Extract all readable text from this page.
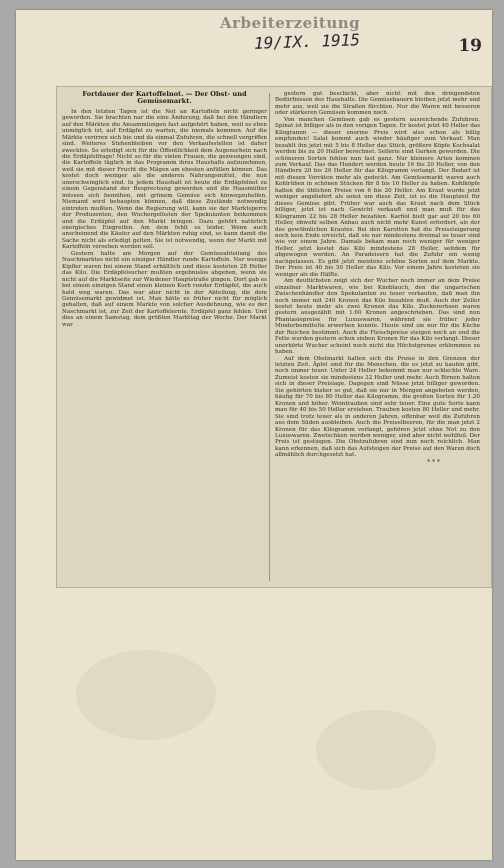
Arbeiterzeitung
19/IX. 1915	19
Fortdauer der Kartoffelnot. — Der Obst- und Gemüsemarkt.

In den letzten Tagen ist die Not an Kartoffeln nicht geringer geworden. Sie brachten nur die eine Änderung, daß bei den Händlern auf den Märkten die Ansammlungen fast aufgehört haben, weil es eben unmöglich ist, auf Erdäpfel zu warten, die niemals kommen. Auf die Märkte verirren sich hie und da einmal Zufuhren, die schnell vergriffen sind. Weiteres Stehenbleiben vor den Verkaufsstellen ist daher zwecklos. So erledigt sich für die Öffentlichkeit dem Augenschein nach die Erdäpfelfrage! Nicht so für die vielen Frauen, die gezwungen sind, die Kartoffeln täglich in das Programm ihres Haushalts aufzunehmen, weil sie mit dieser Frucht die Mägen am ehesten anfüllen können. Das kostet doch weniger als die anderen Nahrungsmittel, die nun unerschwinglich sind. In jedem Haushalt ist heute die Erdäpfelnot zu einem Gegenstand der Besprechung geworden und die Hausmütter müssen sich bemühen, mit grünem Gemüse sich hinwegzuhelfen. Niemand wird behaupten können, daß diese Zustände notwendig eintreten mußten. Wenn die Regierung will, kann sie der Marktsperre der Produzenten, den Wuchergelüsten der Spekulanten beikommen und die Erdäpfel auf den Markt bringen. Dazu gehört natürlich energisches Eingreifen. Am dem fehlt es leider. Wenn auch anscheinend die Käufer auf den Märkten ruhig sind, so kann damit die Sache nicht als erledigt gelten. Sie ist notwendig, wenn der Markt mit Kartoffeln versehen werden soll.

Gestern hatte am Morgen auf der Gemüseabteilung des Naschmarktes nicht ein einziger Händler runde Kartoffeln. Nur wenige Kipfler waren bei einem Stand erhältlich und diese kosteten 28 Heller das Kilo. Die Erdäpfelsucher mußten ergebnislos abgehen, wenn sie nicht auf die Marktseite zur Wiedener Hauptstraße gingen. Dort gab es bei einem einzigen Stand einen kleinen Korb runder Erdäpfel, die auch bald weg waren. Das war aber nicht in der Abteilung, die dem Gemüsemarkt gewidmet ist. Man hätte es früher nicht für möglich gehalten, daß auf einem Markte von solcher Ausdehnung, wie es der Naschmarkt ist, zur Zeit der Kartoffelernte, Erdäpfel ganz fehlen. Und dies an einem Samstag, dem größten Markttag der Woche. Der Markt war

gestern gut beschickt, aber nicht mit den dringendsten Bedürfnissen des Haushalts. Die Gemüsebauern bleiben jetzt mehr und mehr aus, weil sie die Straßen fürchten. Nur die Waren mit besseren oder stärkeren Gemüsen kommen noch.

Von manchen Gemüsen gab es gestern ausreichende Zufuhren. Spinat ist billiger als in den vorigen Tagen. Er kostet jetzt 40 Heller das Kilogramm — dieser enorme Preis wird also schon als billig empfunden! Salat kommt auch wieder häufiger zum Verkauf. Man bezahlt ihn jetzt mit 5 bis 8 Heller das Stück, größere Köpfe Kochsalat werden bis zu 20 Heller berechnet. Sellerie sind Gurken geworden. Die schöneren Sorten fehlen nun fast ganz. Nur kleinere Arten kommen zum Verkauf. Das das Hundert werden heute 16 bis 20 Heller, von den Händlern 20 bis 26 Heller für das Kilogramm verlangt. Der Bedarf ist mit diesen Vorräten mehr als gedeckt. Am Gemüsemarkt waren auch Kohlrüben in schönen Stücken für 8 bis 10 Heller zu haben. Kohlköpfe halten die üblichen Preise von 6 bis 20 Heller. Am Kraut wurde jetzt weniger angeliefert als sonst um diese Zeit, ist es die Hauptzeit für dieses Gemüse gibt. Früher war auch das Kraut nach dem Stück billiger, jetzt ist nach Gewicht verkauft und man muß für das Kilogramm 22 bis 28 Heller bezahlen. Karfiol hielt gar auf 20 bis 60 Heller, obwohl selben Anbau auch nicht mehr Kunst erfordert, als der des gewöhnlichen Krautes. Bei den Karotten hat die Preissteigerung noch kein Ende erreicht, daß sie nur mindestens dreimal so teuer sind wie vor einem Jahre. Damals bekam man noch weniger für weniger Heller, jetzt kostet das Kilo mindestens 28 Heller, seitdem für abgewogen werden. An Paradeisern hat die Zufuhr ein wenig nachgelassen. Es gibt jetzt meistens schöne Sorten auf dem Markte. Der Preis ist 40 bis 50 Heller das Kilo. Vor einem Jahre kosteten sie weniger als die Hälfte.

Am deutlichsten zeigt sich der Wucher noch immer an dem Preise einzelner Marktwaren, wie bei Knoblauch, den die ungarischen Zwischenhändler den Spekulanten zu teuer verkaufen, daß man ihn noch immer mit 240 Kronen das Kilo bezahlen muß. Auch der Zeller kostet heute mehr als zwei Kronen das Kilo. Zuckererbsen waren gestern ausgezählt mit 1.60 Kronen angeschrieben. Das sind nun Phantasiepreise für Luxuswaren, während sie früher jeder Minderbemittelte erwerben konnte. Heute sind sie nur für die Küche der Reichen bestimmt. Auch die Fleischpreise steigen noch an und die Fette wurden gestern schon sieben Kronen für das Kilo verlangt. Dieser unerhörte Wucher scheint noch nicht die Höchstgrenze erklommen zu haben.

Auf dem Obstmarkt halten sich die Preise in den Grenzen der letzten Zeit. Äpfel sind für die Menschen, die es jetzt zu kaufen gibt, noch immer teuer. Unter 24 Heller bekommt man nur schlechte Ware. Zumeist kosten sie mindestens 32 Heller und mehr. Auch Birnen halten sich in dieser Preislage. Dagegen sind Nüsse jetzt billiger geworden. Sie gehörten bisher so gut, daß sie nur in Mengen angeboten werden, häufig für 70 bis 80 Heller das Kilogramm, die großen Sorten für 1.20 Kronen und höher. Weintrauben sind sehr teuer. Eine gute Sorte kann man für 40 bis 50 Heller erstehen. Trauben kosten 80 Heller und mehr. Sie sind trotz teuer als in anderen Jahren, offenbar weil die Zufuhren aus dem Süden ausbleiben. Auch die Preiselbeeren, für die man jetzt 2 Kronen für das Kilogramm verlangt, gehören jetzt ohne Not zu den Luxuswaren. Zwetschken werden weniger, sind aber nicht wohlfeil. Der Preis ist gestiegen. Die Obstzufuhren sind nun noch reichlich. Man kann erkennen, daß sich das Aufsteigen der Preise auf den Waren doch allmählich durchgesetzt hat.

* * *
